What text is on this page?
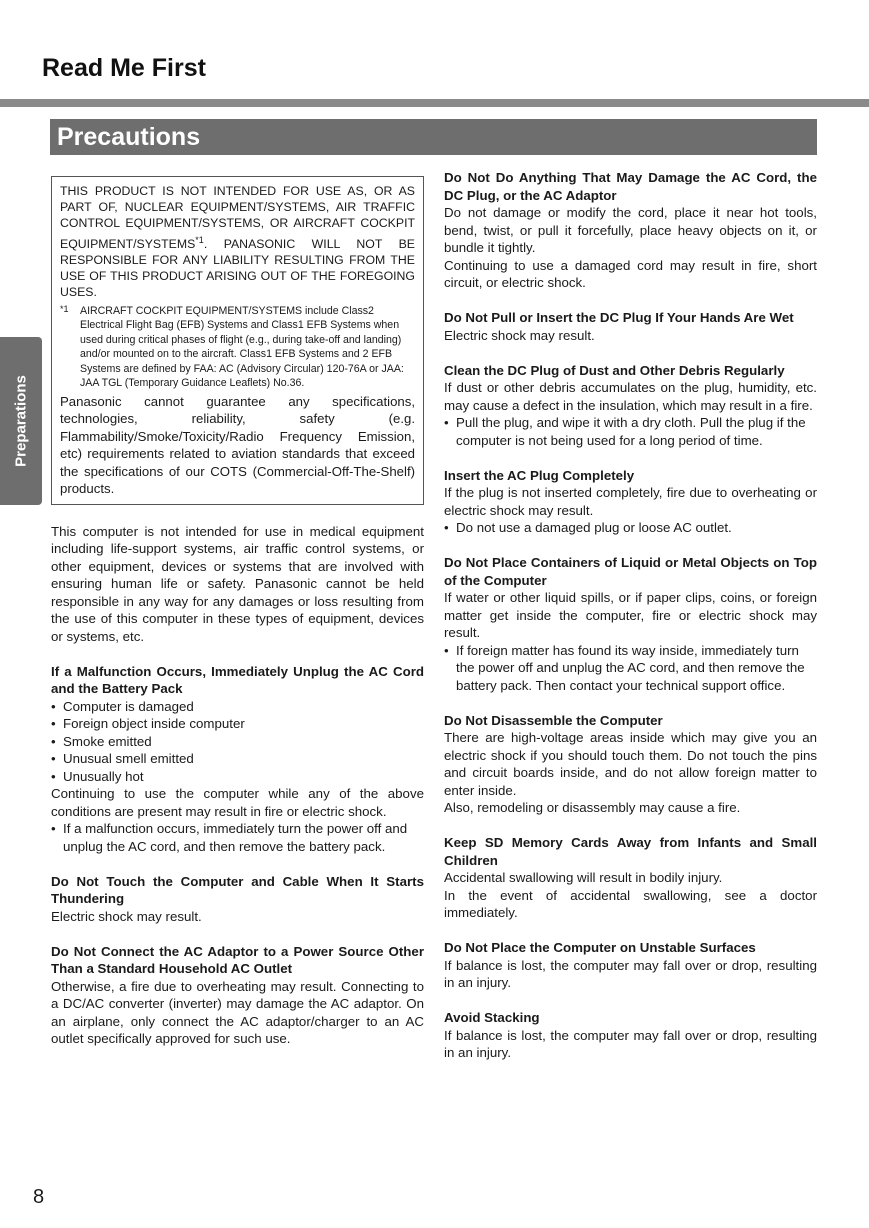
Read Me First
Precautions
Preparations
THIS PRODUCT IS NOT INTENDED FOR USE AS, OR AS PART OF, NUCLEAR EQUIPMENT/SYSTEMS, AIR TRAFFIC CONTROL EQUIPMENT/SYSTEMS, OR AIRCRAFT COCKPIT EQUIPMENT/SYSTEMS$^{*1}$. PANASONIC WILL NOT BE RESPONSIBLE FOR ANY LIABILITY RESULTING FROM THE USE OF THIS PRODUCT ARISING OUT OF THE FOREGOING USES.
*1	AIRCRAFT COCKPIT EQUIPMENT/SYSTEMS include Class2 Electrical Flight Bag (EFB) Systems and Class1 EFB Systems when used during critical phases of flight (e.g., during take-off and landing) and/or mounted on to the aircraft. Class1 EFB Systems and 2 EFB Systems are defined by FAA: AC (Advisory Circular) 120-76A or JAA: JAA TGL (Temporary Guidance Leaflets) No.36.
Panasonic cannot guarantee any specifications, technologies, reliability, safety (e.g. Flammability/Smoke/Toxicity/Radio Frequency Emission, etc) requirements related to aviation standards that exceed the specifications of our COTS (Commercial-Off-The-Shelf) products.

This computer is not intended for use in medical equipment including life-support systems, air traffic control systems, or other equipment, devices or systems that are involved with ensuring human life or safety. Panasonic cannot be held responsible in any way for any damages or loss resulting from the use of this computer in these types of equipment, devices or systems, etc.

If a Malfunction Occurs, Immediately Unplug the AC Cord and the Battery Pack
• Computer is damaged
• Foreign object inside computer
• Smoke emitted
• Unusual smell emitted
• Unusually hot

Continuing to use the computer while any of the above conditions are present may result in fire or electric shock.

• If a malfunction occurs, immediately turn the power off and unplug the AC cord, and then remove the battery pack.
Do Not Touch the Computer and Cable When It Starts Thundering

Electric shock may result.

Do Not Connect the AC Adaptor to a Power Source Other Than a Standard Household AC Outlet

Otherwise, a fire due to overheating may result. Connecting to a DC/AC converter (inverter) may damage the AC adaptor. On an airplane, only connect the AC adaptor/charger to an AC outlet specifically approved for such use.

Do Not Do Anything That May Damage the AC Cord, the DC Plug, or the AC Adaptor

Do not damage or modify the cord, place it near hot tools, bend, twist, or pull it forcefully, place heavy objects on it, or bundle it tightly.

Continuing to use a damaged cord may result in fire, short circuit, or electric shock.

Do Not Pull or Insert the DC Plug If Your Hands Are Wet

Electric shock may result.

Clean the DC Plug of Dust and Other Debris Regularly

If dust or other debris accumulates on the plug, humidity, etc. may cause a defect in the insulation, which may result in a fire.

• Pull the plug, and wipe it with a dry cloth. Pull the plug if the computer is not being used for a long period of time.
Insert the AC Plug Completely

If the plug is not inserted completely, fire due to overheating or electric shock may result.

• Do not use a damaged plug or loose AC outlet.
Do Not Place Containers of Liquid or Metal Objects on Top of the Computer

If water or other liquid spills, or if paper clips, coins, or foreign matter get inside the computer, fire or electric shock may result.

• If foreign matter has found its way inside, immediately turn the power off and unplug the AC cord, and then remove the battery pack. Then contact your technical support office.
Do Not Disassemble the Computer

There are high-voltage areas inside which may give you an electric shock if you should touch them. Do not touch the pins and circuit boards inside, and do not allow foreign matter to enter inside.

Also, remodeling or disassembly may cause a fire.

Keep SD Memory Cards Away from Infants and Small Children

Accidental swallowing will result in bodily injury.

In the event of accidental swallowing, see a doctor immediately.

Do Not Place the Computer on Unstable Surfaces

If balance is lost, the computer may fall over or drop, resulting in an injury.

Avoid Stacking

If balance is lost, the computer may fall over or drop, resulting in an injury.

8
